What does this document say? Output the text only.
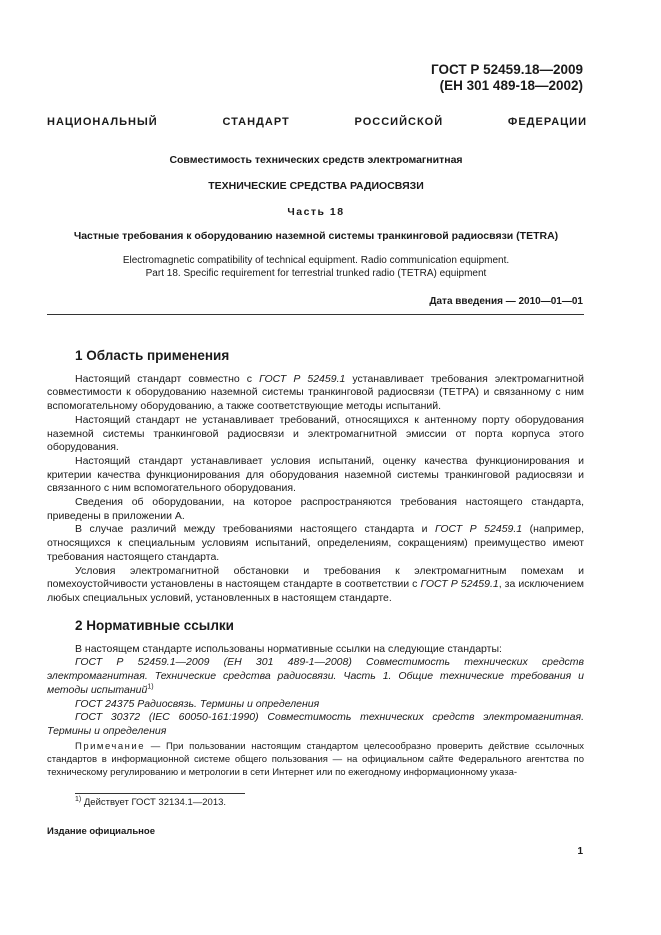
ГОСТ Р 52459.18—2009
(ЕН 301 489-18—2002)
НАЦИОНАЛЬНЫЙ СТАНДАРТ РОССИЙСКОЙ ФЕДЕРАЦИИ
Совместимость технических средств электромагнитная
ТЕХНИЧЕСКИЕ СРЕДСТВА РАДИОСВЯЗИ
Часть 18
Частные требования к оборудованию наземной системы транкинговой радиосвязи (TETRA)
Electromagnetic compatibility of technical equipment. Radio communication equipment.
Part 18. Specific requirement for terrestrial trunked radio (TETRA) equipment
Дата введения — 2010—01—01
1 Область применения

Настоящий стандарт совместно с ГОСТ Р 52459.1 устанавливает требования электромагнитной совместимости к оборудованию наземной системы транкинговой радиосвязи (ТЕТРА) и связанному с ним вспомогательному оборудованию, а также соответствующие методы испытаний.

Настоящий стандарт не устанавливает требований, относящихся к антенному порту оборудования наземной системы транкинговой радиосвязи и электромагнитной эмиссии от порта корпуса этого оборудования.

Настоящий стандарт устанавливает условия испытаний, оценку качества функционирования и критерии качества функционирования для оборудования наземной системы транкинговой радиосвязи и связанного с ним вспомогательного оборудования.

Сведения об оборудовании, на которое распространяются требования настоящего стандарта, приведены в приложении А.

В случае различий между требованиями настоящего стандарта и ГОСТ Р 52459.1 (например, относящихся к специальным условиям испытаний, определениям, сокращениям) преимущество имеют требования настоящего стандарта.

Условия электромагнитной обстановки и требования к электромагнитным помехам и помехоустойчивости установлены в настоящем стандарте в соответствии с ГОСТ Р 52459.1, за исключением любых специальных условий, установленных в настоящем стандарте.

2 Нормативные ссылки

В настоящем стандарте использованы нормативные ссылки на следующие стандарты:

ГОСТ Р 52459.1—2009 (ЕН 301 489-1—2008) Совместимость технических средств электромагнитная. Технические средства радиосвязи. Часть 1. Общие технические требования и методы испытаний$^{1)}$

ГОСТ 24375 Радиосвязь. Термины и определения

ГОСТ 30372 (IEC 60050-161:1990) Совместимость технических средств электромагнитная. Термины и определения

Примечание — При пользовании настоящим стандартом целесообразно проверить действие ссылочных стандартов в информационной системе общего пользования — на официальном сайте Федерального агентства по техническому регулированию и метрологии в сети Интернет или по ежегодному информационному указа-

$^{1)}$ Действует ГОСТ 32134.1—2013.
Издание официальное
1
